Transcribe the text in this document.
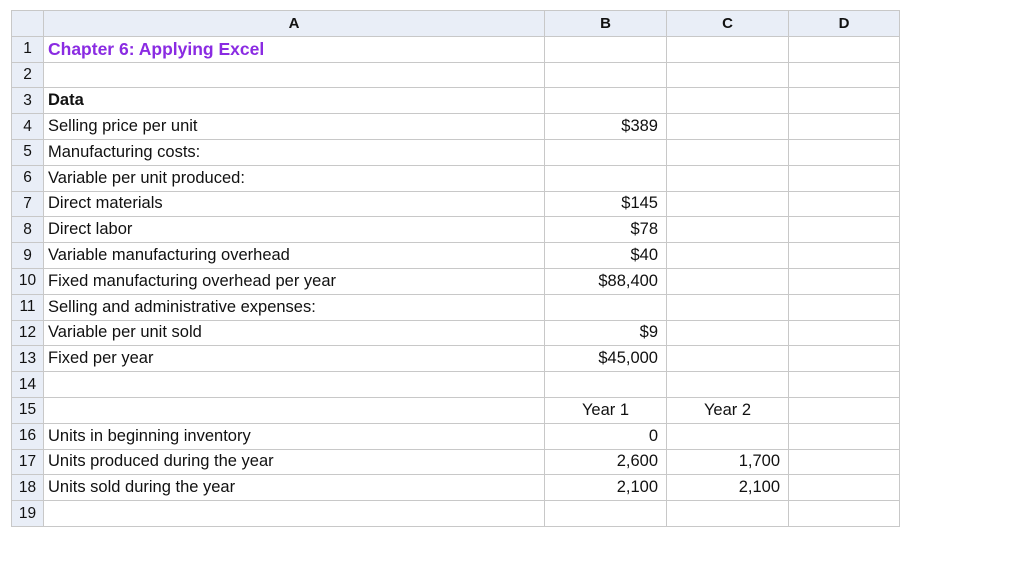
	A	B	C	D
1	Chapter 6: Applying Excel			
2				
3	Data			
4	Selling price per unit	$389		
5	Manufacturing costs:			
6	Variable per unit produced:			
7	Direct materials	$145		
8	Direct labor	$78		
9	Variable manufacturing overhead	$40		
10	Fixed manufacturing overhead per year	$88,400		
11	Selling and administrative expenses:			
12	Variable per unit sold	$9		
13	Fixed per year	$45,000		
14				
15		Year 1	Year 2	
16	Units in beginning inventory	0		
17	Units produced during the year	2,600	1,700	
18	Units sold during the year	2,100	2,100	
19				
